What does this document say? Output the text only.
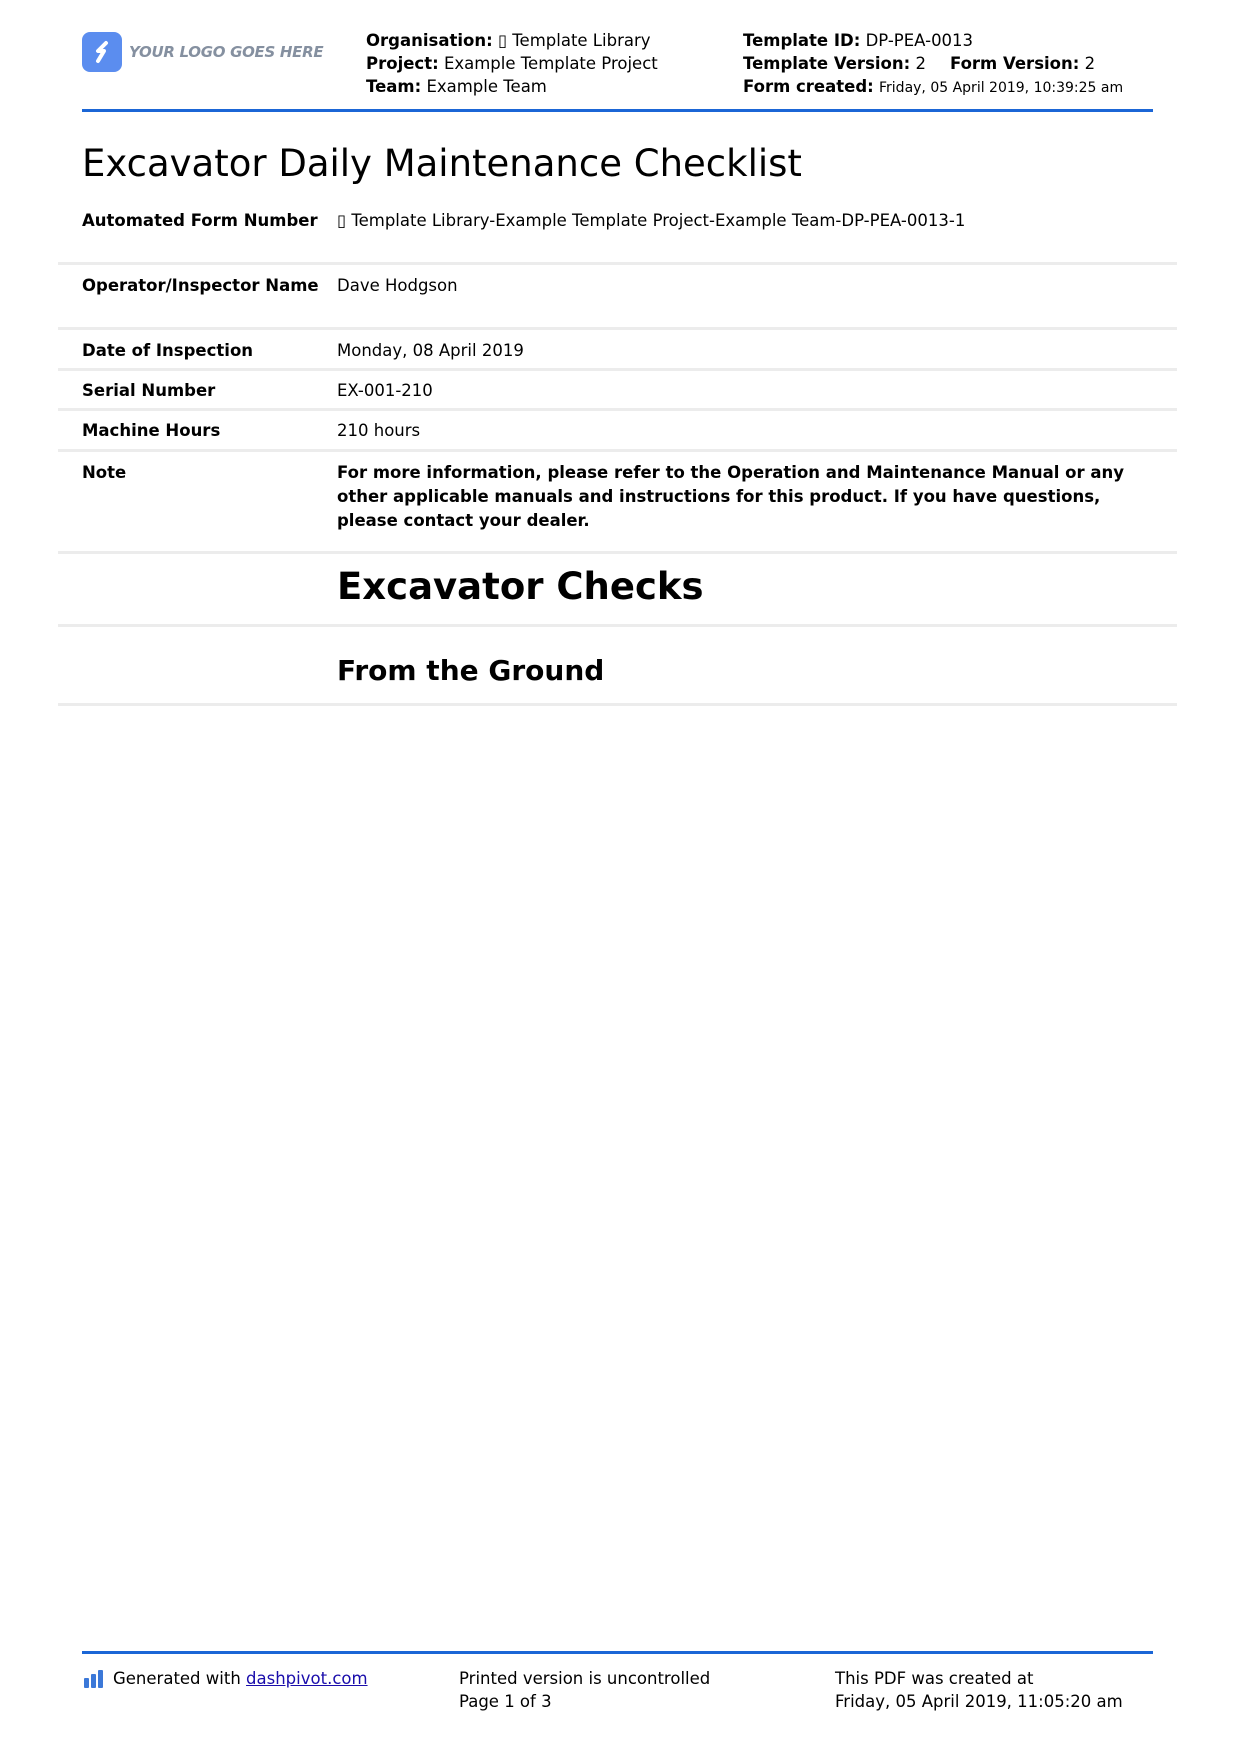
YOUR LOGO GOES HERE
Organisation: ▯ Template Library
Project: Example Template Project
Team: Example Team
Template ID: DP-PEA-0013
Template Version: 2 Form Version: 2
Form created: Friday, 05 April 2019, 10:39:25 am
Excavator Daily Maintenance Checklist
Automated Form Number	▯ Template Library-Example Template Project-Example Team-DP-PEA-0013-1
Operator/Inspector Name	Dave Hodgson
Date of Inspection	Monday, 08 April 2019
Serial Number	EX-001-210
Machine Hours	210 hours
Note	For more information, please refer to the Operation and Maintenance Manual or any other applicable manuals and instructions for this product. If you have questions, please contact your dealer.
Excavator Checks
From the Ground
Generated with dashpivot.com	Printed version is uncontrolled
Page 1 of 3
This PDF was created at
Friday, 05 April 2019, 11:05:20 am
